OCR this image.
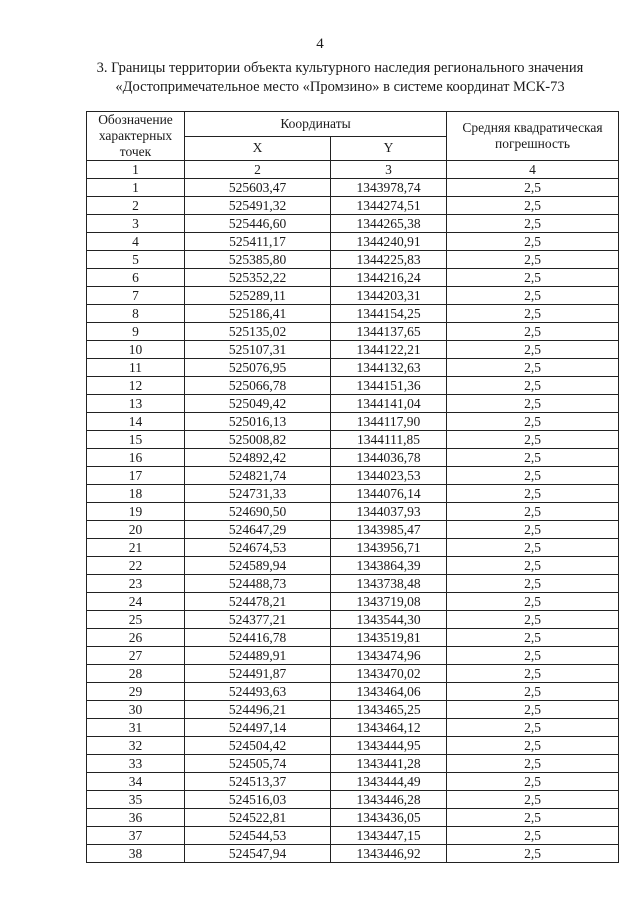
4
3. Границы территории объекта культурного наследия регионального значения
«Достопримечательное место «Промзино» в системе координат МСК-73
Обозначение характерных точек	Координаты		Средняя квадратическая погрешность
	X	Y	
1	2	3	4
1	525603,47	1343978,74	2,5
2	525491,32	1344274,51	2,5
3	525446,60	1344265,38	2,5
4	525411,17	1344240,91	2,5
5	525385,80	1344225,83	2,5
6	525352,22	1344216,24	2,5
7	525289,11	1344203,31	2,5
8	525186,41	1344154,25	2,5
9	525135,02	1344137,65	2,5
10	525107,31	1344122,21	2,5
11	525076,95	1344132,63	2,5
12	525066,78	1344151,36	2,5
13	525049,42	1344141,04	2,5
14	525016,13	1344117,90	2,5
15	525008,82	1344111,85	2,5
16	524892,42	1344036,78	2,5
17	524821,74	1344023,53	2,5
18	524731,33	1344076,14	2,5
19	524690,50	1344037,93	2,5
20	524647,29	1343985,47	2,5
21	524674,53	1343956,71	2,5
22	524589,94	1343864,39	2,5
23	524488,73	1343738,48	2,5
24	524478,21	1343719,08	2,5
25	524377,21	1343544,30	2,5
26	524416,78	1343519,81	2,5
27	524489,91	1343474,96	2,5
28	524491,87	1343470,02	2,5
29	524493,63	1343464,06	2,5
30	524496,21	1343465,25	2,5
31	524497,14	1343464,12	2,5
32	524504,42	1343444,95	2,5
33	524505,74	1343441,28	2,5
34	524513,37	1343444,49	2,5
35	524516,03	1343446,28	2,5
36	524522,81	1343436,05	2,5
37	524544,53	1343447,15	2,5
38	524547,94	1343446,92	2,5
